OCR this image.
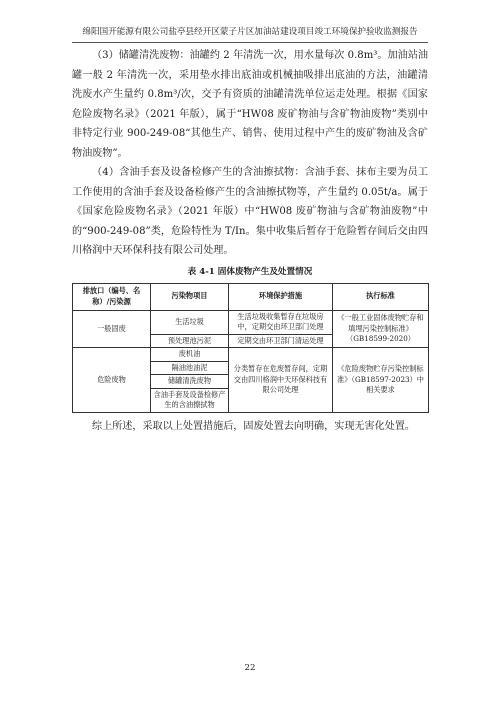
绵阳国开能源有限公司盐亭县经开区蒙子片区加油站建设项目竣工环境保护验收监测报告

（3）储罐清洗废物：油罐约 2 年清洗一次，用水量每次 0.8m³。加油站油罐一般 2 年清洗一次，采用垫水排出底油或机械抽吸排出底油的方法，油罐清洗废水产生量约 0.8m³/次，交予有资质的油罐清洗单位运走处理。根据《国家危险废物名录》（2021 年版），属于“HW08 废矿物油与含矿物油废物”类别中非特定行业 900-249-08“其他生产、销售、使用过程中产生的废矿物油及含矿物油废物”。

（4）含油手套及设备检修产生的含油擦拭物：含油手套、抹布主要为员工工作使用的含油手套及设备检修产生的含油擦拭物等，产生量约 0.05t/a。属于《国家危险废物名录》（2021 年版）中“HW08 废矿物油与含矿物油废物”中的“900-249-08”类，危险特性为 T/In。集中收集后暂存于危险暂存间后交由四川格润中天环保科技有限公司处理。

表 4-1 固体废物产生及处置情况
排放口（编号、名称）/污染源	污染物项目	环境保护措施	执行标准
一般固废	生活垃圾	生活垃圾收集暂存在垃圾房中，定期交由环卫部门处理	《一般工业固体废物贮存和填埋污染控制标准》（GB18599-2020）
	预处理池污泥	定期交由环卫部门清运处理	
危险废物	废机油	分类暂存在危废暂存间，定期交由四川格润中天环保科技有限公司处理	《危险废物贮存污染控制标准》（GB18597-2023）中相关要求
	隔油池油泥		
	储罐清洗废物		
	含油手套及设备检修产生的含油擦拭物		

综上所述，采取以上处置措施后，固废处置去向明确，实现无害化处置。

22
